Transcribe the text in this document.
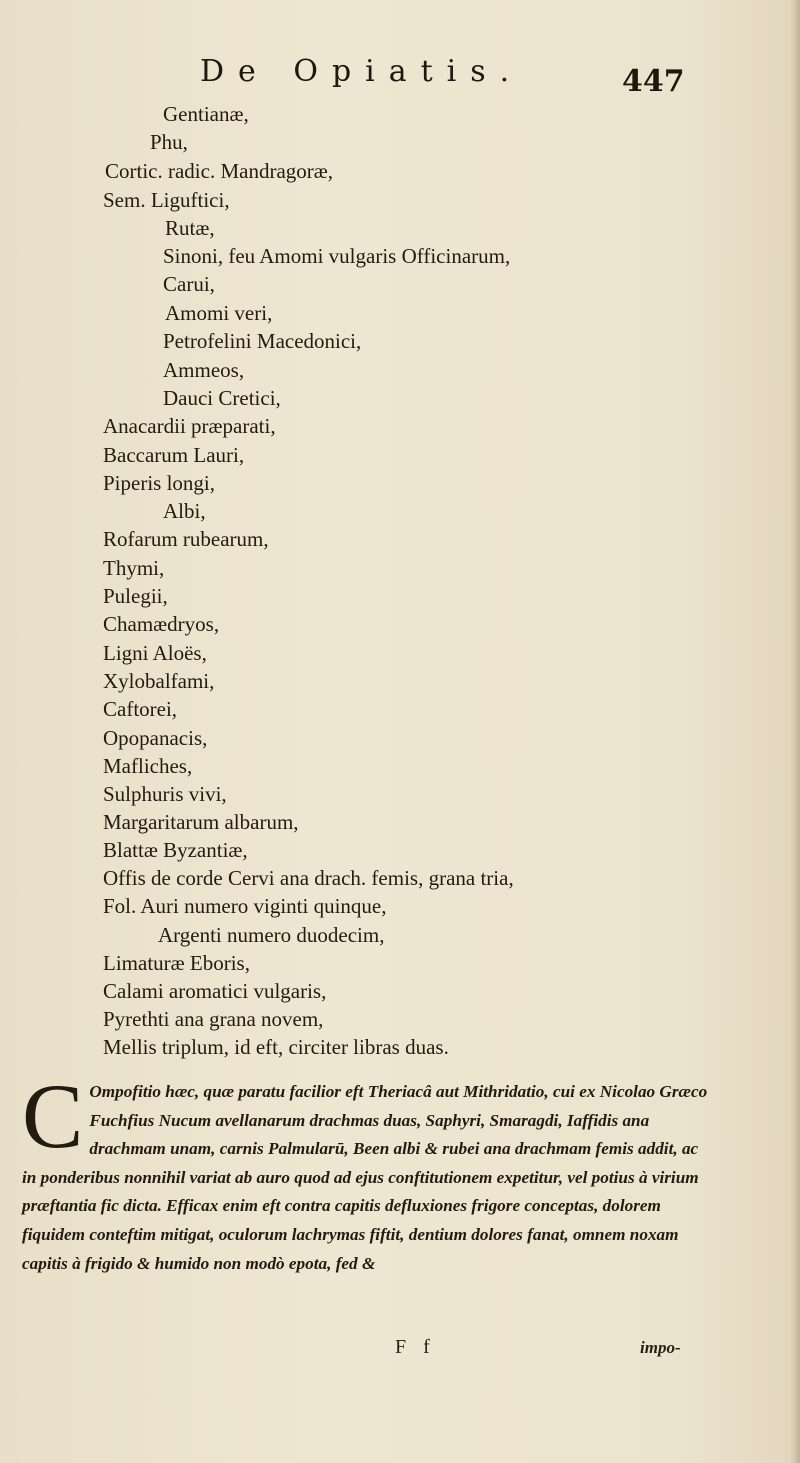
De Opiatis.	447
Gentianæ,
Phu,
Cortic. radic. Mandragoræ,
Sem. Liguftici,
Rutæ,
Sinoni, feu Amomi vulgaris Officinarum,
Carui,
Amomi veri,
Petrofelini Macedonici,
Ammeos,
Dauci Cretici,
Anacardii præparati,
Baccarum Lauri,
Piperis longi,
Albi,
Rofarum rubearum,
Thymi,
Pulegii,
Chamædryos,
Ligni Aloës,
Xylobalfami,
Caftorei,
Opopanacis,
Mafliches,
Sulphuris vivi,
Margaritarum albarum,
Blattæ Byzantiæ,
Offis de corde Cervi ana drach. femis, grana tria,
Fol. Auri numero viginti quinque,
Argenti numero duodecim,
Limaturæ Eboris,
Calami aromatici vulgaris,
Pyrethti ana grana novem,
Mellis triplum, id eft, circiter libras duas.
C Ompofitio hæc, quæ paratu facilior eft Theriacâ aut Mithridatio, cui ex Nicolao Græco Fuchfius Nucum avellanarum drachmas duas, Saphyri, Smaragdi, Iaffidis ana drachmam unam, carnis Palmularū, Been albi & rubei ana drachmam femis addit, ac in ponderibus nonnihil variat ab auro quod ad ejus conftitutionem expetitur, vel potius à virium præftantia fic dicta. Efficax enim eft contra capitis defluxiones frigore conceptas, dolorem fiquidem conteftim mitigat, oculorum lachrymas fiftit, dentium dolores fanat, omnem noxam capitis à frigido & humido non modò epota, fed &
F f	impo-
